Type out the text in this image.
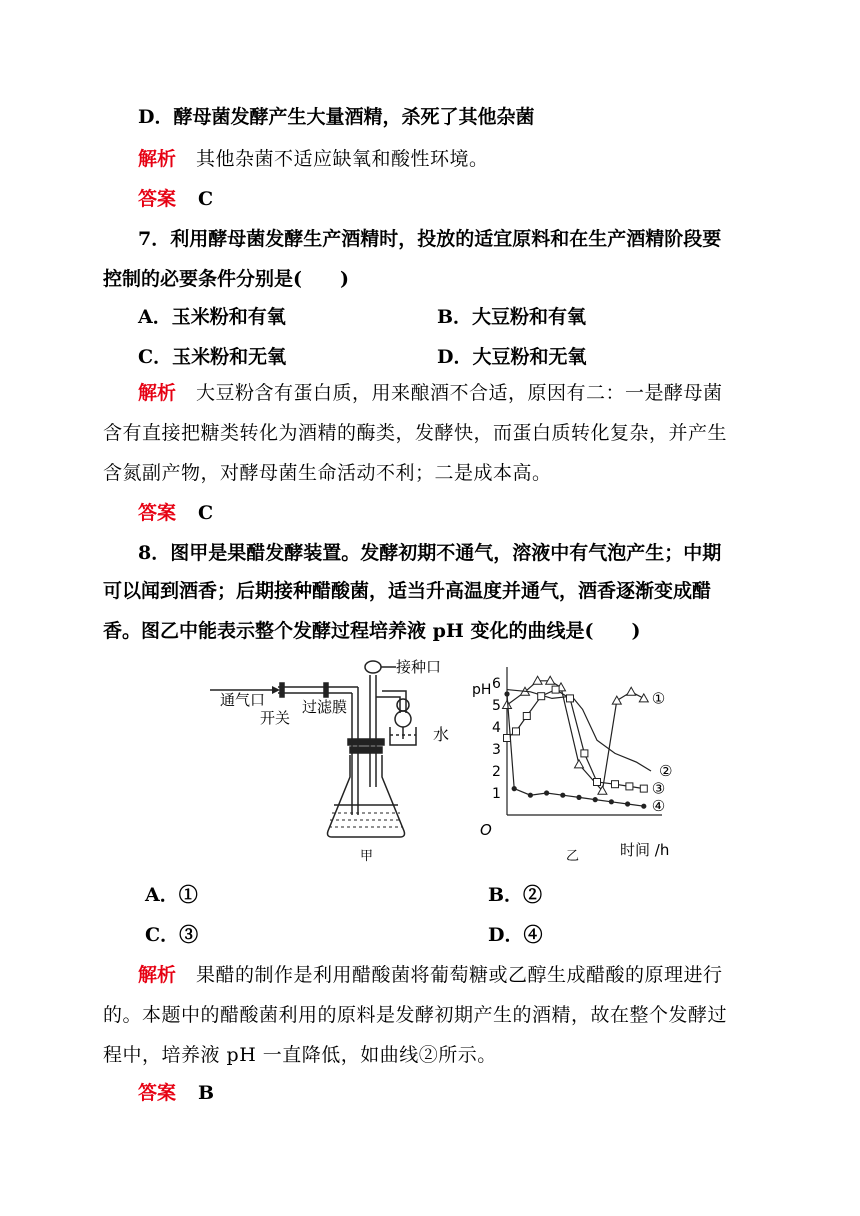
D．酵母菌发酵产生大量酒精，杀死了其他杂菌
解析 其他杂菌不适应缺氧和酸性环境。
答案 C
7．利用酵母菌发酵生产酒精时，投放的适宜原料和在生产酒精阶段要
控制的必要条件分别是(　　)
A．玉米粉和有氧	B．大豆粉和有氧
C．玉米粉和无氧	D．大豆粉和无氧
解析 大豆粉含有蛋白质，用来酿酒不合适，原因有二：一是酵母菌
含有直接把糖类转化为酒精的酶类，发酵快，而蛋白质转化复杂，并产生
含氮副产物，对酵母菌生命活动不利；二是成本高。
答案 C
8．图甲是果醋发酵装置。发酵初期不通气，溶液中有气泡产生；中期
可以闻到酒香；后期接种醋酸菌，适当升高温度并通气，酒香逐渐变成醋
香。图乙中能表示整个发酵过程培养液 pH 变化的曲线是(　　)
接种口
通气口
开关
过滤膜
水
甲
pH
O
时间 /h
乙
1
2
3
4
5
6
①
②
③
④
A．①	B．②
C．③	D．④
解析 果醋的制作是利用醋酸菌将葡萄糖或乙醇生成醋酸的原理进行
的。本题中的醋酸菌利用的原料是发酵初期产生的酒精，故在整个发酵过
程中，培养液 pH 一直降低，如曲线②所示。
答案 B
